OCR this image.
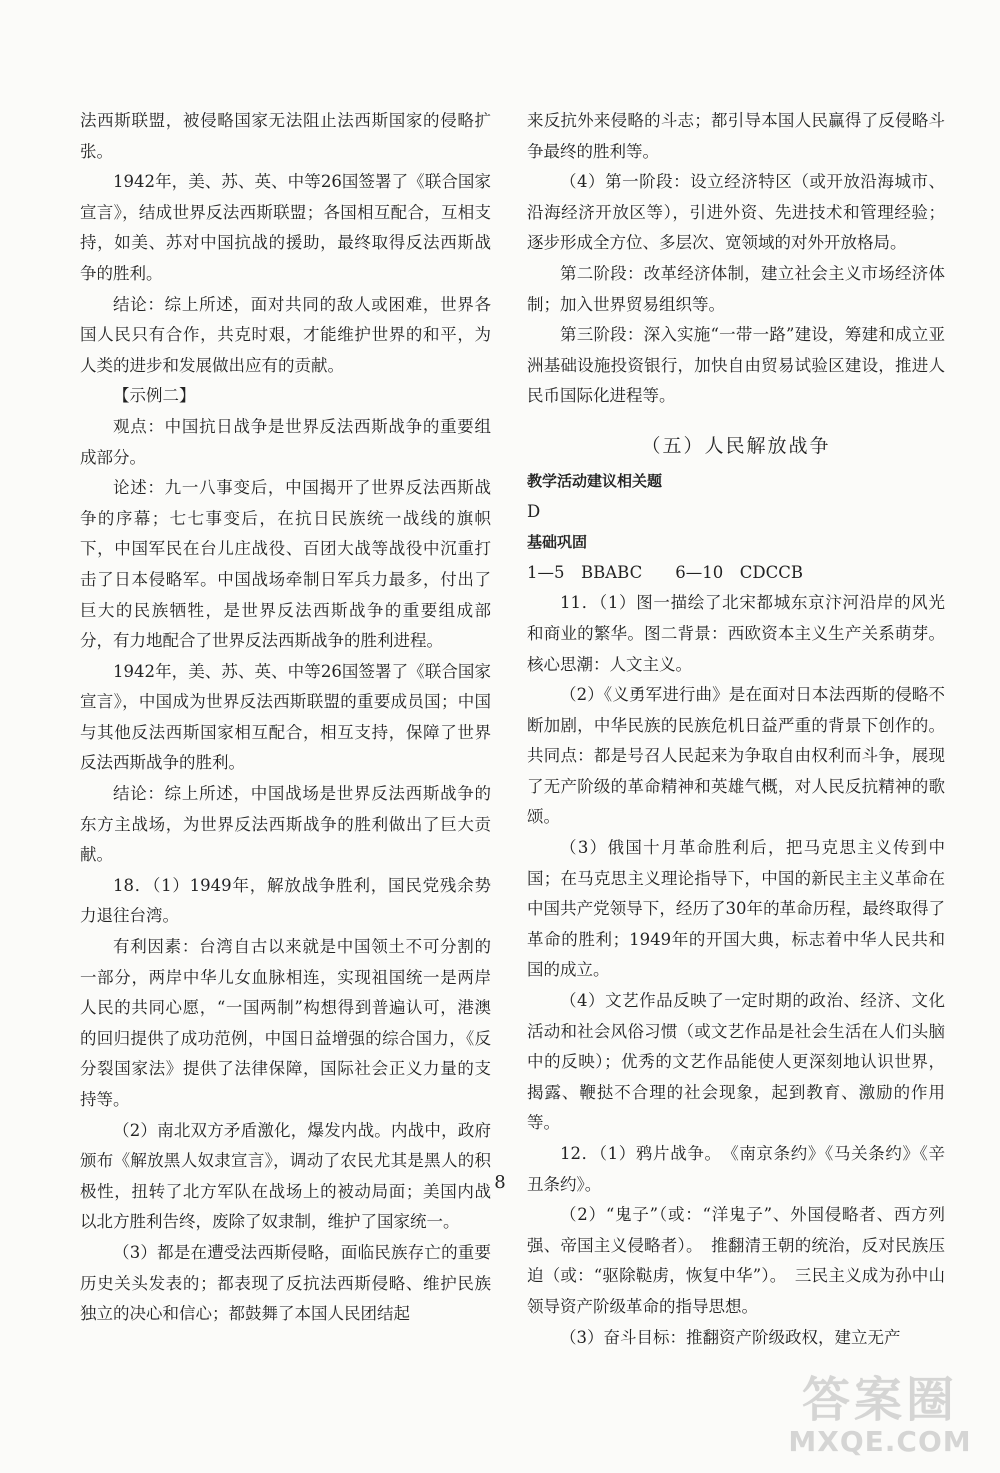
法西斯联盟，被侵略国家无法阻止法西斯国家的侵略扩张。

1942年，美、苏、英、中等26国签署了《联合国家宣言》，结成世界反法西斯联盟；各国相互配合，互相支持，如美、苏对中国抗战的援助，最终取得反法西斯战争的胜利。

结论：综上所述，面对共同的敌人或困难，世界各国人民只有合作，共克时艰，才能维护世界的和平，为人类的进步和发展做出应有的贡献。

【示例二】

观点：中国抗日战争是世界反法西斯战争的重要组成部分。

论述：九一八事变后，中国揭开了世界反法西斯战争的序幕；七七事变后，在抗日民族统一战线的旗帜下，中国军民在台儿庄战役、百团大战等战役中沉重打击了日本侵略军。中国战场牵制日军兵力最多，付出了巨大的民族牺牲，是世界反法西斯战争的重要组成部分，有力地配合了世界反法西斯战争的胜利进程。

1942年，美、苏、英、中等26国签署了《联合国家宣言》，中国成为世界反法西斯联盟的重要成员国；中国与其他反法西斯国家相互配合，相互支持，保障了世界反法西斯战争的胜利。

结论：综上所述，中国战场是世界反法西斯战争的东方主战场，为世界反法西斯战争的胜利做出了巨大贡献。

18．（1）1949年，解放战争胜利，国民党残余势力退往台湾。

有利因素：台湾自古以来就是中国领土不可分割的一部分，两岸中华儿女血脉相连，实现祖国统一是两岸人民的共同心愿，“一国两制”构想得到普遍认可，港澳的回归提供了成功范例，中国日益增强的综合国力，《反分裂国家法》提供了法律保障，国际社会正义力量的支持等。

（2）南北双方矛盾激化，爆发内战。内战中，政府颁布《解放黑人奴隶宣言》，调动了农民尤其是黑人的积极性，扭转了北方军队在战场上的被动局面；美国内战以北方胜利告终，废除了奴隶制，维护了国家统一。

（3）都是在遭受法西斯侵略，面临民族存亡的重要历史关头发表的；都表现了反抗法西斯侵略、维护民族独立的决心和信心；都鼓舞了本国人民团结起

来反抗外来侵略的斗志；都引导本国人民赢得了反侵略斗争最终的胜利等。

（4）第一阶段：设立经济特区（或开放沿海城市、沿海经济开放区等），引进外资、先进技术和管理经验；逐步形成全方位、多层次、宽领域的对外开放格局。

第二阶段：改革经济体制，建立社会主义市场经济体制；加入世界贸易组织等。

第三阶段：深入实施“一带一路”建设，筹建和成立亚洲基础设施投资银行，加快自由贸易试验区建设，推进人民币国际化进程等。

（五）人民解放战争

教学活动建议相关题

D

基础巩固

1—5　BBABC　　6—10　CDCCB

11．（1）图一描绘了北宋都城东京汴河沿岸的风光和商业的繁华。图二背景：西欧资本主义生产关系萌芽。核心思潮：人文主义。

（2）《义勇军进行曲》是在面对日本法西斯的侵略不断加剧，中华民族的民族危机日益严重的背景下创作的。共同点：都是号召人民起来为争取自由权利而斗争，展现了无产阶级的革命精神和英雄气概，对人民反抗精神的歌颂。

（3）俄国十月革命胜利后，把马克思主义传到中国；在马克思主义理论指导下，中国的新民主主义革命在中国共产党领导下，经历了30年的革命历程，最终取得了革命的胜利；1949年的开国大典，标志着中华人民共和国的成立。

（4）文艺作品反映了一定时期的政治、经济、文化活动和社会风俗习惯（或文艺作品是社会生活在人们头脑中的反映）；优秀的文艺作品能使人更深刻地认识世界，揭露、鞭挞不合理的社会现象，起到教育、激励的作用等。

12．（1）鸦片战争。　《南京条约》《马关条约》《辛丑条约》。

（2）“鬼子”（或：“洋鬼子”、外国侵略者、西方列强、帝国主义侵略者）。　推翻清王朝的统治，反对民族压迫（或：“驱除鞑虏，恢复中华”）。　三民主义成为孙中山领导资产阶级革命的指导思想。

（3）奋斗目标：推翻资产阶级政权，建立无产

8
答案圈
MXQE.COM
